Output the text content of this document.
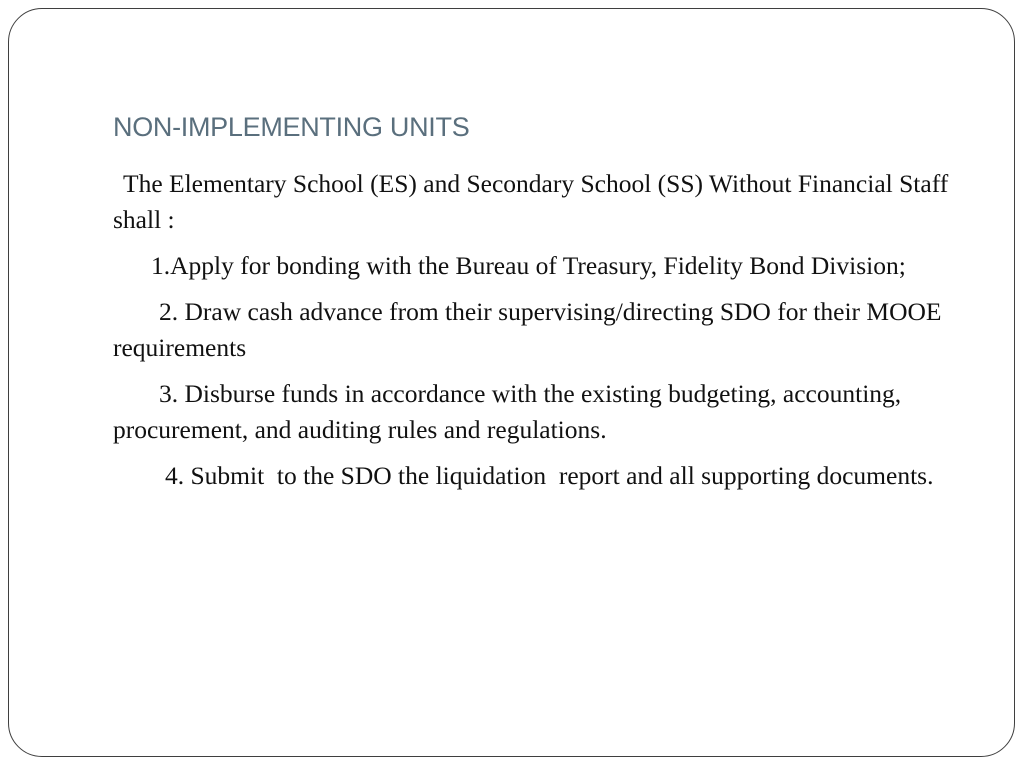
NON-IMPLEMENTING UNITS

The Elementary School (ES) and Secondary School (SS) Without Financial Staff shall :

1.Apply for bonding with the Bureau of Treasury, Fidelity Bond Division;

2. Draw cash advance from their supervising/directing SDO for their MOOE requirements

3. Disburse funds in accordance with the existing budgeting, accounting, procurement, and auditing rules and regulations.

4. Submit  to the SDO the liquidation  report and all supporting documents.
